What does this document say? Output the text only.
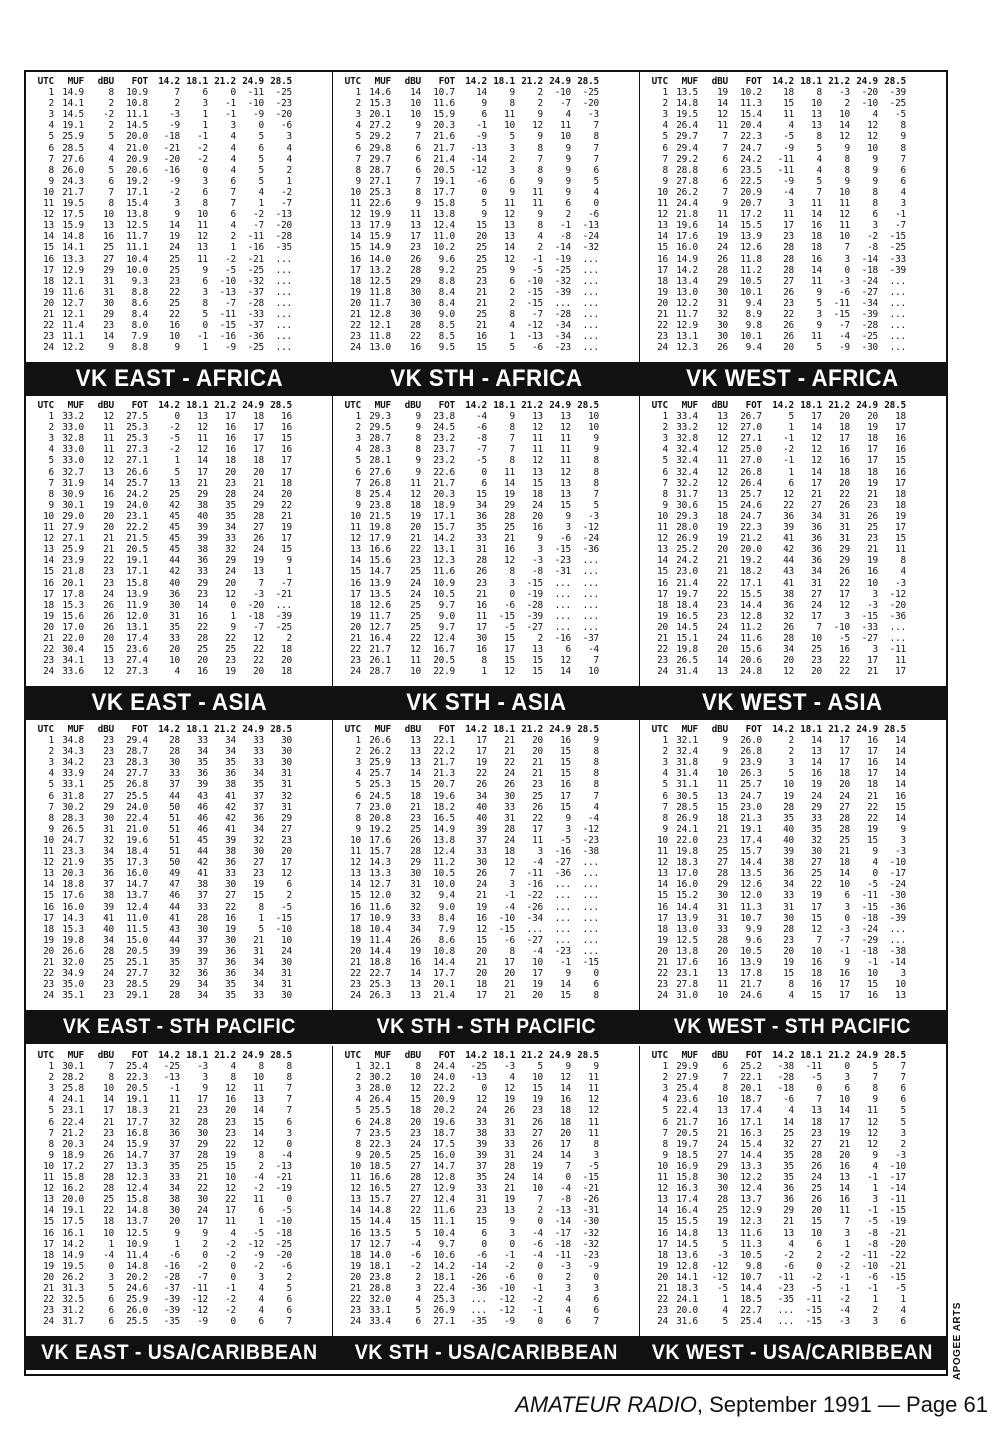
UTC	MUF	dBU	FOT	14.2 18.1 21.2 24.9 28.5
1 14.9	8	10.9	7	6	0	-11	-25
2 14.1	2	10.8	2	3	-1	-10	-23
3 14.5	-2	11.1	-3	1	-1	-9	-20
4 19.1	2	14.5	-9	1	3	0	-6
5 25.9	5	20.0	-18	-1	4	5	3
6 28.5	4	21.0	-21	-2	4	6	4
7 27.6	4	20.9	-20	-2	4	5	4
8 26.0	5	20.6	-16	0	4	5	2
9 24.3	6	19.2	-9	3	6	5	1
10 21.7	7	17.1	-2	6	7	4	-2
11 19.5	8	15.4	3	8	7	1	-7
12 17.5	10	13.8	9	10	6	-2	-13
13 15.9	13	12.5	14	11	4	-7	-20
14 14.8	16	11.7	19	12	2	-11	-28
15 14.1	25	11.1	24	13	1	-16	-35
16 13.3	27	10.4	25	11	-2	-21	...
17 12.9	29	10.0	25	9	-5	-25	...
18 12.1	31	9.3	23	6	-10	-32	...
19 11.6	31	8.8	22	3	-13	-37	...
20 12.7	30	8.6	25	8	-7	-28	...
21 12.1	29	8.4	22	5	-11	-33	...
22 11.4	23	8.0	16	0	-15	-37	...
23 11.1	14	7.9	10	-1	-16	-36	...
24 12.2	9	8.8	9	1	-9	-25	...
UTC	MUF	dBU	FOT	14.2 18.1 21.2 24.9 28.5
1 14.6	14	10.7	14	9	2	-10	-25
2 15.3	10	11.6	9	8	2	-7	-20
3 20.1	10	15.9	6	11	9	4	-3
4 27.2	9	20.3	-1	10	12	11	7
5 29.2	7	21.6	-9	5	9	10	8
6 29.8	6	21.7	-13	3	8	9	7
7 29.7	6	21.4	-14	2	7	9	7
8 28.7	6	20.5	-12	3	8	9	6
9 27.1	7	19.1	-6	6	9	9	5
10 25.3	8	17.7	0	9	11	9	4
11 22.6	9	15.8	5	11	11	6	0
12 19.9	11	13.8	9	12	9	2	-6
13 17.9	13	12.4	15	13	8	-1	-13
14 15.9	17	11.0	20	13	4	-8	-24
15 14.9	23	10.2	25	14	2	-14	-32
16 14.0	26	9.6	25	12	-1	-19	...
17 13.2	28	9.2	25	9	-5	-25	...
18 12.5	29	8.8	23	6	-10	-32	...
19 11.8	30	8.4	21	2	-15	-39	...
20 11.7	30	8.4	21	2	-15	...	...
21 12.8	30	9.0	25	8	-7	-28	...
22 12.1	28	8.5	21	4	-12	-34	...
23 11.8	22	8.5	16	1	-13	-34	...
24 13.0	16	9.5	15	5	-6	-23	...
UTC	MUF	dBU	FOT	14.2 18.1 21.2 24.9 28.5
1 13.5	19	10.2	18	8	-3	-20	-39
2 14.8	14	11.3	15	10	2	-10	-25
3 19.5	12	15.4	11	13	10	4	-5
4 26.4	11	20.4	4	13	14	12	8
5 29.7	7	22.3	-5	8	12	12	9
6 29.4	7	24.7	-9	5	9	10	8
7 29.2	6	24.2	-11	4	8	9	7
8 28.8	6	23.5	-11	4	8	9	6
9 27.8	6	22.5	-9	5	9	9	6
10 26.2	7	20.9	-4	7	10	8	4
11 24.4	9	20.7	3	11	11	8	3
12 21.8	11	17.2	11	14	12	6	-1
13 19.6	14	15.5	17	16	11	3	-7
14 17.6	19	13.9	23	18	10	-2	-15
15 16.0	24	12.6	28	18	7	-8	-25
16 14.9	26	11.8	28	16	3	-14	-33
17 14.2	28	11.2	28	14	0	-18	-39
18 13.4	29	10.5	27	11	-3	-24	...
19 13.0	30	10.1	26	9	-6	-27	...
20 12.2	31	9.4	23	5	-11	-34	...
21 11.7	32	8.9	22	3	-15	-39	...
22 12.9	30	9.8	26	9	-7	-28	...
23 13.1	30	10.1	26	11	-4	-25	...
24 12.3	26	9.4	20	5	-9	-30	...
VK EAST - AFRICA	VK STH - AFRICA	VK WEST - AFRICA
UTC	MUF	dBU	FOT	14.2 18.1 21.2 24.9 28.5
1 33.2	12	27.5	0	13	17	18	16
2 33.0	11	25.3	-2	12	16	17	16
3 32.8	11	25.3	-5	11	16	17	15
4 33.0	11	27.3	-2	12	16	17	16
5 33.0	12	27.1	1	14	18	18	17
6 32.7	13	26.6	5	17	20	20	17
7 31.9	14	25.7	13	21	23	21	18
8 30.9	16	24.2	25	29	28	24	20
9 30.1	19	24.0	42	38	35	29	22
10 29.0	20	23.1	45	40	35	28	21
11 27.9	20	22.2	45	39	34	27	19
12 27.1	21	21.5	45	39	33	26	17
13 25.9	21	20.5	45	38	32	24	15
14 23.9	22	19.1	44	36	29	19	9
15 21.8	23	17.1	42	33	24	13	1
16 20.1	23	15.8	40	29	20	7	-7
17 17.8	24	13.9	36	23	12	-3	-21
18 15.3	26	11.9	30	14	0	-20	...
19 15.6	26	12.0	31	16	1	-18	-39
20 17.0	26	13.1	35	22	9	-7	-25
21 22.0	20	17.4	33	28	22	12	2
22 30.4	15	23.6	20	25	25	22	18
23 34.1	13	27.4	10	20	23	22	20
24 33.6	12	27.3	4	16	19	20	18
UTC	MUF	dBU	FOT	14.2 18.1 21.2 24.9 28.5
1 29.3	9	23.8	-4	9	13	13	10
2 29.5	9	24.5	-6	8	12	12	10
3 28.7	8	23.2	-8	7	11	11	9
4 28.3	8	23.7	-7	7	11	11	9
5 28.1	9	23.2	-5	8	12	11	8
6 27.6	9	22.6	0	11	13	12	8
7 26.8	11	21.7	6	14	15	13	8
8 25.4	12	20.3	15	19	18	13	7
9 23.8	18	18.9	34	29	24	15	5
10 21.5	19	17.1	36	28	20	9	-3
11 19.8	20	15.7	35	25	16	3	-12
12 17.9	21	14.2	33	21	9	-6	-24
13 16.6	22	13.1	31	16	3	-15	-36
14 15.6	23	12.3	28	12	-3	-23	...
15 14.7	25	11.6	26	8	-8	-31	...
16 13.9	24	10.9	23	3	-15	...	...
17 13.5	24	10.5	21	0	-19	...	...
18 12.6	25	9.7	16	-6	-28	...	...
19 11.7	25	9.0	11	-15	-39	...	...
20 12.7	25	9.7	17	-5	-27	...	...
21 16.4	22	12.4	30	15	2	-16	-37
22 21.7	12	16.7	16	17	13	6	-4
23 26.1	11	20.5	8	15	15	12	7
24 28.7	10	22.9	1	12	15	14	10
UTC	MUF	dBU	FOT	14.2 18.1 21.2 24.9 28.5
1 33.4	13	26.7	5	17	20	20	18
2 33.2	12	27.0	1	14	18	19	17
3 32.8	12	27.1	-1	12	17	18	16
4 32.4	12	25.0	-2	12	16	17	16
5 32.4	11	27.0	-1	12	16	17	15
6 32.4	12	26.8	1	14	18	18	16
7 32.2	12	26.4	6	17	20	19	17
8 31.7	13	25.7	12	21	22	21	18
9 30.6	15	24.6	22	27	26	23	18
10 29.3	18	24.7	36	34	31	26	19
11 28.0	19	22.3	39	36	31	25	17
12 26.9	19	21.2	41	36	31	23	15
13 25.2	20	20.0	42	36	29	21	11
14 24.2	21	19.2	44	36	29	19	8
15 23.0	21	18.2	43	34	26	16	4
16 21.4	22	17.1	41	31	22	10	-3
17 19.7	22	15.5	38	27	17	3	-12
18 18.4	23	14.4	36	24	12	-3	-20
19 16.5	23	12.8	32	17	3	-15	-36
20 14.5	24	11.2	26	7	-10	-33	...
21 15.1	24	11.6	28	10	-5	-27	...
22 19.8	20	15.6	34	25	16	3	-11
23 26.5	14	20.6	20	23	22	17	11
24 31.4	13	24.8	12	20	22	21	17
VK EAST - ASIA	VK STH - ASIA	VK WEST - ASIA
UTC	MUF	dBU	FOT	14.2 18.1 21.2 24.9 28.5
1 34.8	23	29.4	28	33	34	33	30
2 34.3	23	28.7	28	34	34	33	30
3 34.2	23	28.3	30	35	35	33	30
4 33.9	24	27.7	33	36	36	34	31
5 33.1	25	26.8	37	39	38	35	31
6 31.8	27	25.5	44	43	41	37	32
7 30.2	29	24.0	50	46	42	37	31
8 28.3	30	22.4	51	46	42	36	29
9 26.5	31	21.0	51	46	41	34	27
10 24.7	32	19.6	51	45	39	32	23
11 23.3	34	18.4	51	44	38	30	20
12 21.9	35	17.3	50	42	36	27	17
13 20.3	36	16.0	49	41	33	23	12
14 18.8	37	14.7	47	38	30	19	6
15 17.6	38	13.7	46	37	27	15	2
16 16.0	39	12.4	44	33	22	8	-5
17 14.3	41	11.0	41	28	16	1	-15
18 15.3	40	11.5	43	30	19	5	-10
19 19.8	34	15.0	44	37	30	21	10
20 26.6	28	20.5	39	39	36	31	24
21 32.0	25	25.1	35	37	36	34	30
22 34.9	24	27.7	32	36	36	34	31
23 35.0	23	28.5	29	34	35	34	31
24 35.1	23	29.1	28	34	35	33	30
UTC	MUF	dBU	FOT	14.2 18.1 21.2 24.9 28.5
1 26.6	13	22.1	17	21	20	16	9
2 26.2	13	22.2	17	21	20	15	8
3 25.9	13	21.7	19	22	21	15	8
4 25.7	14	21.3	22	24	21	15	8
5 25.3	15	20.7	26	26	23	16	8
6 24.5	18	19.6	34	30	25	17	7
7 23.0	21	18.2	40	33	26	15	4
8 20.8	23	16.5	40	31	22	9	-4
9 19.2	25	14.9	39	28	17	3	-12
10 17.6	26	13.8	37	24	11	-5	-23
11 15.7	28	12.4	33	18	3	-16	-38
12 14.3	29	11.2	30	12	-4	-27	...
13 13.3	30	10.5	26	7	-11	-36	...
14 12.7	31	10.0	24	3	-16	...	...
15 12.0	32	9.4	21	-1	-22	...	...
16 11.6	32	9.0	19	-4	-26	...	...
17 10.9	33	8.4	16	-10	-34	...	...
18 10.4	34	7.9	12	-15	...	...	...
19 11.4	26	8.6	15	-6	-27	...	...
20 14.4	19	10.8	20	8	-4	-23	...
21 18.8	16	14.4	21	17	10	-1	-15
22 22.7	14	17.7	20	20	17	9	0
23 25.3	13	20.1	18	21	19	14	6
24 26.3	13	21.4	17	21	20	15	8
UTC	MUF	dBU	FOT	14.2 18.1 21.2 24.9 28.5
1 32.1	9	26.0	2	14	17	16	14
2 32.4	9	26.8	2	13	17	17	14
3 31.8	9	23.9	3	14	17	16	14
4 31.4	10	26.3	5	16	18	17	14
5 31.1	11	25.7	10	19	20	18	14
6 30.5	13	24.7	19	24	24	21	16
7 28.5	15	23.0	28	29	27	22	15
8 26.9	18	21.3	35	33	28	22	14
9 24.1	21	19.1	40	35	28	19	9
10 22.0	23	17.4	40	32	25	15	3
11 19.8	25	15.7	39	30	21	9	-3
12 18.3	27	14.4	38	27	18	4	-10
13 17.0	28	13.5	36	25	14	0	-17
14 16.0	29	12.6	34	22	10	-5	-24
15 15.2	30	12.0	33	19	6	-11	-30
16 14.4	31	11.3	31	17	3	-15	-36
17 13.9	31	10.7	30	15	0	-18	-39
18 13.0	33	9.9	28	12	-3	-24	...
19 12.5	28	9.6	23	7	-7	-29	...
20 13.8	20	10.5	20	10	-1	-18	-38
21 17.6	16	13.9	19	16	9	-1	-14
22 23.1	13	17.8	15	18	16	10	3
23 27.8	11	21.7	8	16	17	15	10
24 31.0	10	24.6	4	15	17	16	13
VK EAST - STH PACIFIC	VK STH - STH PACIFIC	VK WEST - STH PACIFIC
UTC	MUF	dBU	FOT	14.2 18.1 21.2 24.9 28.5
1 30.1	7	25.4	-25	-3	4	8	8
2 28.2	8	22.3	-13	3	8	10	8
3 25.8	10	20.5	-1	9	12	11	7
4 24.1	14	19.1	11	17	16	13	7
5 23.1	17	18.3	21	23	20	14	7
6 22.4	21	17.7	32	28	23	15	6
7 21.2	23	16.8	36	30	23	14	3
8 20.3	24	15.9	37	29	22	12	0
9 18.9	26	14.7	37	28	19	8	-4
10 17.2	27	13.3	35	25	15	2	-13
11 15.8	28	12.3	33	21	10	-4	-21
12 16.2	28	12.4	34	22	12	-2	-19
13 20.0	25	15.8	38	30	22	11	0
14 19.1	22	14.8	30	24	17	6	-5
15 17.5	18	13.7	20	17	11	1	-10
16 16.1	10	12.5	9	9	4	-5	-18
17 14.2	1	10.9	1	2	-2	-12	-25
18 14.9	-4	11.4	-6	0	-2	-9	-20
19 19.5	0	14.8	-16	-2	0	-2	-6
20 26.2	3	20.2	-28	-7	0	3	2
21 31.3	5	24.6	-37	-11	-1	4	5
22 32.5	6	25.9	-39	-12	-2	4	6
23 31.2	6	26.0	-39	-12	-2	4	6
24 31.7	6	25.5	-35	-9	0	6	7
UTC	MUF	dBU	FOT	14.2 18.1 21.2 24.9 28.5
1 32.1	8	24.4	-25	-3	5	9	9
2 30.2	10	24.0	-13	4	10	12	11
3 28.0	12	22.2	0	12	15	14	11
4 26.4	15	20.9	12	19	19	16	12
5 25.5	18	20.2	24	26	23	18	12
6 24.8	20	19.6	33	31	26	18	11
7 23.5	23	18.7	38	33	27	20	11
8 22.3	24	17.5	39	33	26	17	8
9 20.5	25	16.0	39	31	24	14	3
10 18.5	27	14.7	37	28	19	7	-5
11 16.6	28	12.8	35	24	14	0	-15
12 16.5	27	12.9	33	21	10	-4	-21
13 15.7	27	12.4	31	19	7	-8	-26
14 14.8	22	11.6	23	13	2	-13	-31
15 14.4	15	11.1	15	9	0	-14	-30
16 13.5	5	10.4	6	3	-4	-17	-32
17 12.7	-4	9.7	0	0	-6	-18	-32
18 14.0	-6	10.6	-6	-1	-4	-11	-23
19 18.1	-2	14.2	-14	-2	0	-3	-9
20 23.8	2	18.1	-26	-6	0	2	0
21 28.8	3	22.4	-36	-10	-1	3	3
22 32.0	4	25.3	...	-12	-2	4	6
23 33.1	5	26.9	...	-12	-1	4	6
24 33.4	6	27.1	-35	-9	0	6	7
UTC	MUF	dBU	FOT	14.2 18.1 21.2 24.9 28.5
1 29.9	6	25.2	-38	-11	0	5	7
2 27.9	7	22.1	-28	-5	3	7	7
3 25.4	8	20.1	-18	0	6	8	6
4 23.6	10	18.7	-6	7	10	9	6
5 22.4	13	17.4	4	13	14	11	5
6 21.7	16	17.1	14	18	17	12	5
7 20.5	21	16.3	25	23	19	12	3
8 19.7	24	15.4	32	27	21	12	2
9 18.5	27	14.4	35	28	20	9	-3
10 16.9	29	13.3	35	26	16	4	-10
11 15.8	30	12.2	35	24	13	-1	-17
12 16.3	30	12.4	36	25	14	1	-14
13 17.4	28	13.7	36	26	16	3	-11
14 16.4	25	12.9	29	20	11	-1	-15
15 15.5	19	12.3	21	15	7	-5	-19
16 14.8	13	11.6	13	10	3	-8	-21
17 14.5	5	11.3	4	6	1	-8	-20
18 13.6	-3	10.5	-2	2	-2	-11	-22
19 12.8	-12	9.8	-6	0	-2	-10	-21
20 14.1	-12	10.7	-11	-2	-1	-6	-15
21 18.3	-5	14.4	-23	-5	-1	-1	-5
22 24.1	1	18.5	-35	-11	-2	1	1
23 20.0	4	22.7	...	-15	-4	2	4
24 31.6	5	25.4	...	-15	-3	3	6
VK EAST - USA/CARIBBEAN	VK STH - USA/CARIBBEAN	VK WEST - USA/CARIBBEAN APOGEE ARTS
AMATEUR RADIO, September 1991 — Page 61
